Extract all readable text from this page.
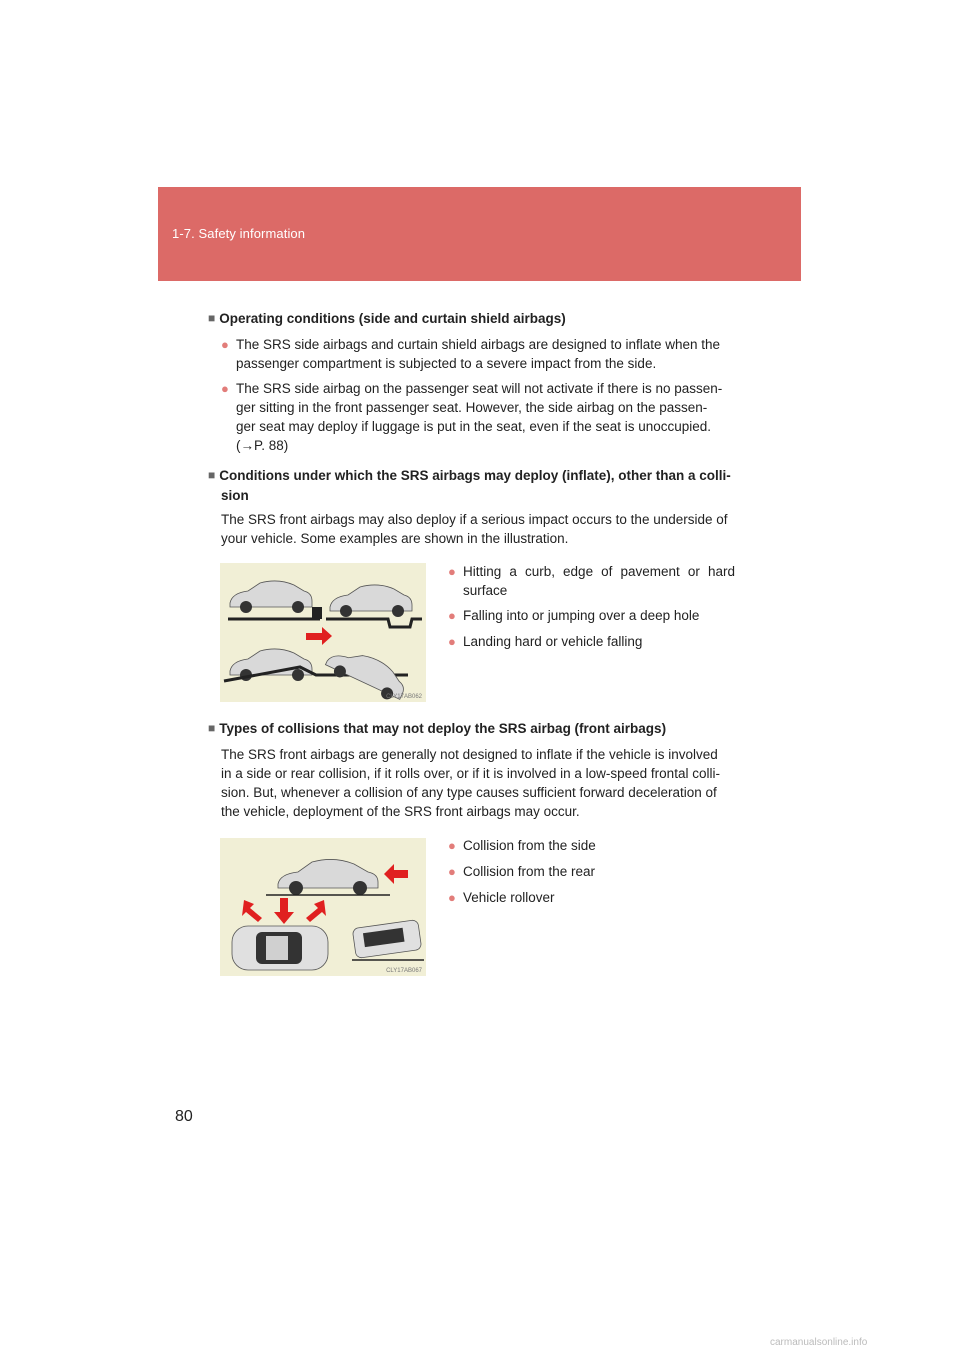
1-7. Safety information
■ Operating conditions (side and curtain shield airbags)
● The SRS side airbags and curtain shield airbags are designed to inflate when the
passenger compartment is subjected to a severe impact from the side.
● The SRS side airbag on the passenger seat will not activate if there is no passen-
ger sitting in the front passenger seat. However, the side airbag on the passen-
ger seat may deploy if luggage is put in the seat, even if the seat is unoccupied.
(→P. 88)
■ Conditions under which the SRS airbags may deploy (inflate), other than a colli-
sion
The SRS front airbags may also deploy if a serious impact occurs to the underside of
your vehicle. Some examples are shown in the illustration.
CLY17AB062
● Hitting a curb, edge of pavement or hard
surface
● Falling into or jumping over a deep hole
● Landing hard or vehicle falling
■ Types of collisions that may not deploy the SRS airbag (front airbags)
The SRS front airbags are generally not designed to inflate if the vehicle is involved
in a side or rear collision, if it rolls over, or if it is involved in a low-speed frontal colli-
sion. But, whenever a collision of any type causes sufficient forward deceleration of
the vehicle, deployment of the SRS front airbags may occur.
CLY17AB067
● Collision from the side
● Collision from the rear
● Vehicle rollover
80
carmanualsonline.info
